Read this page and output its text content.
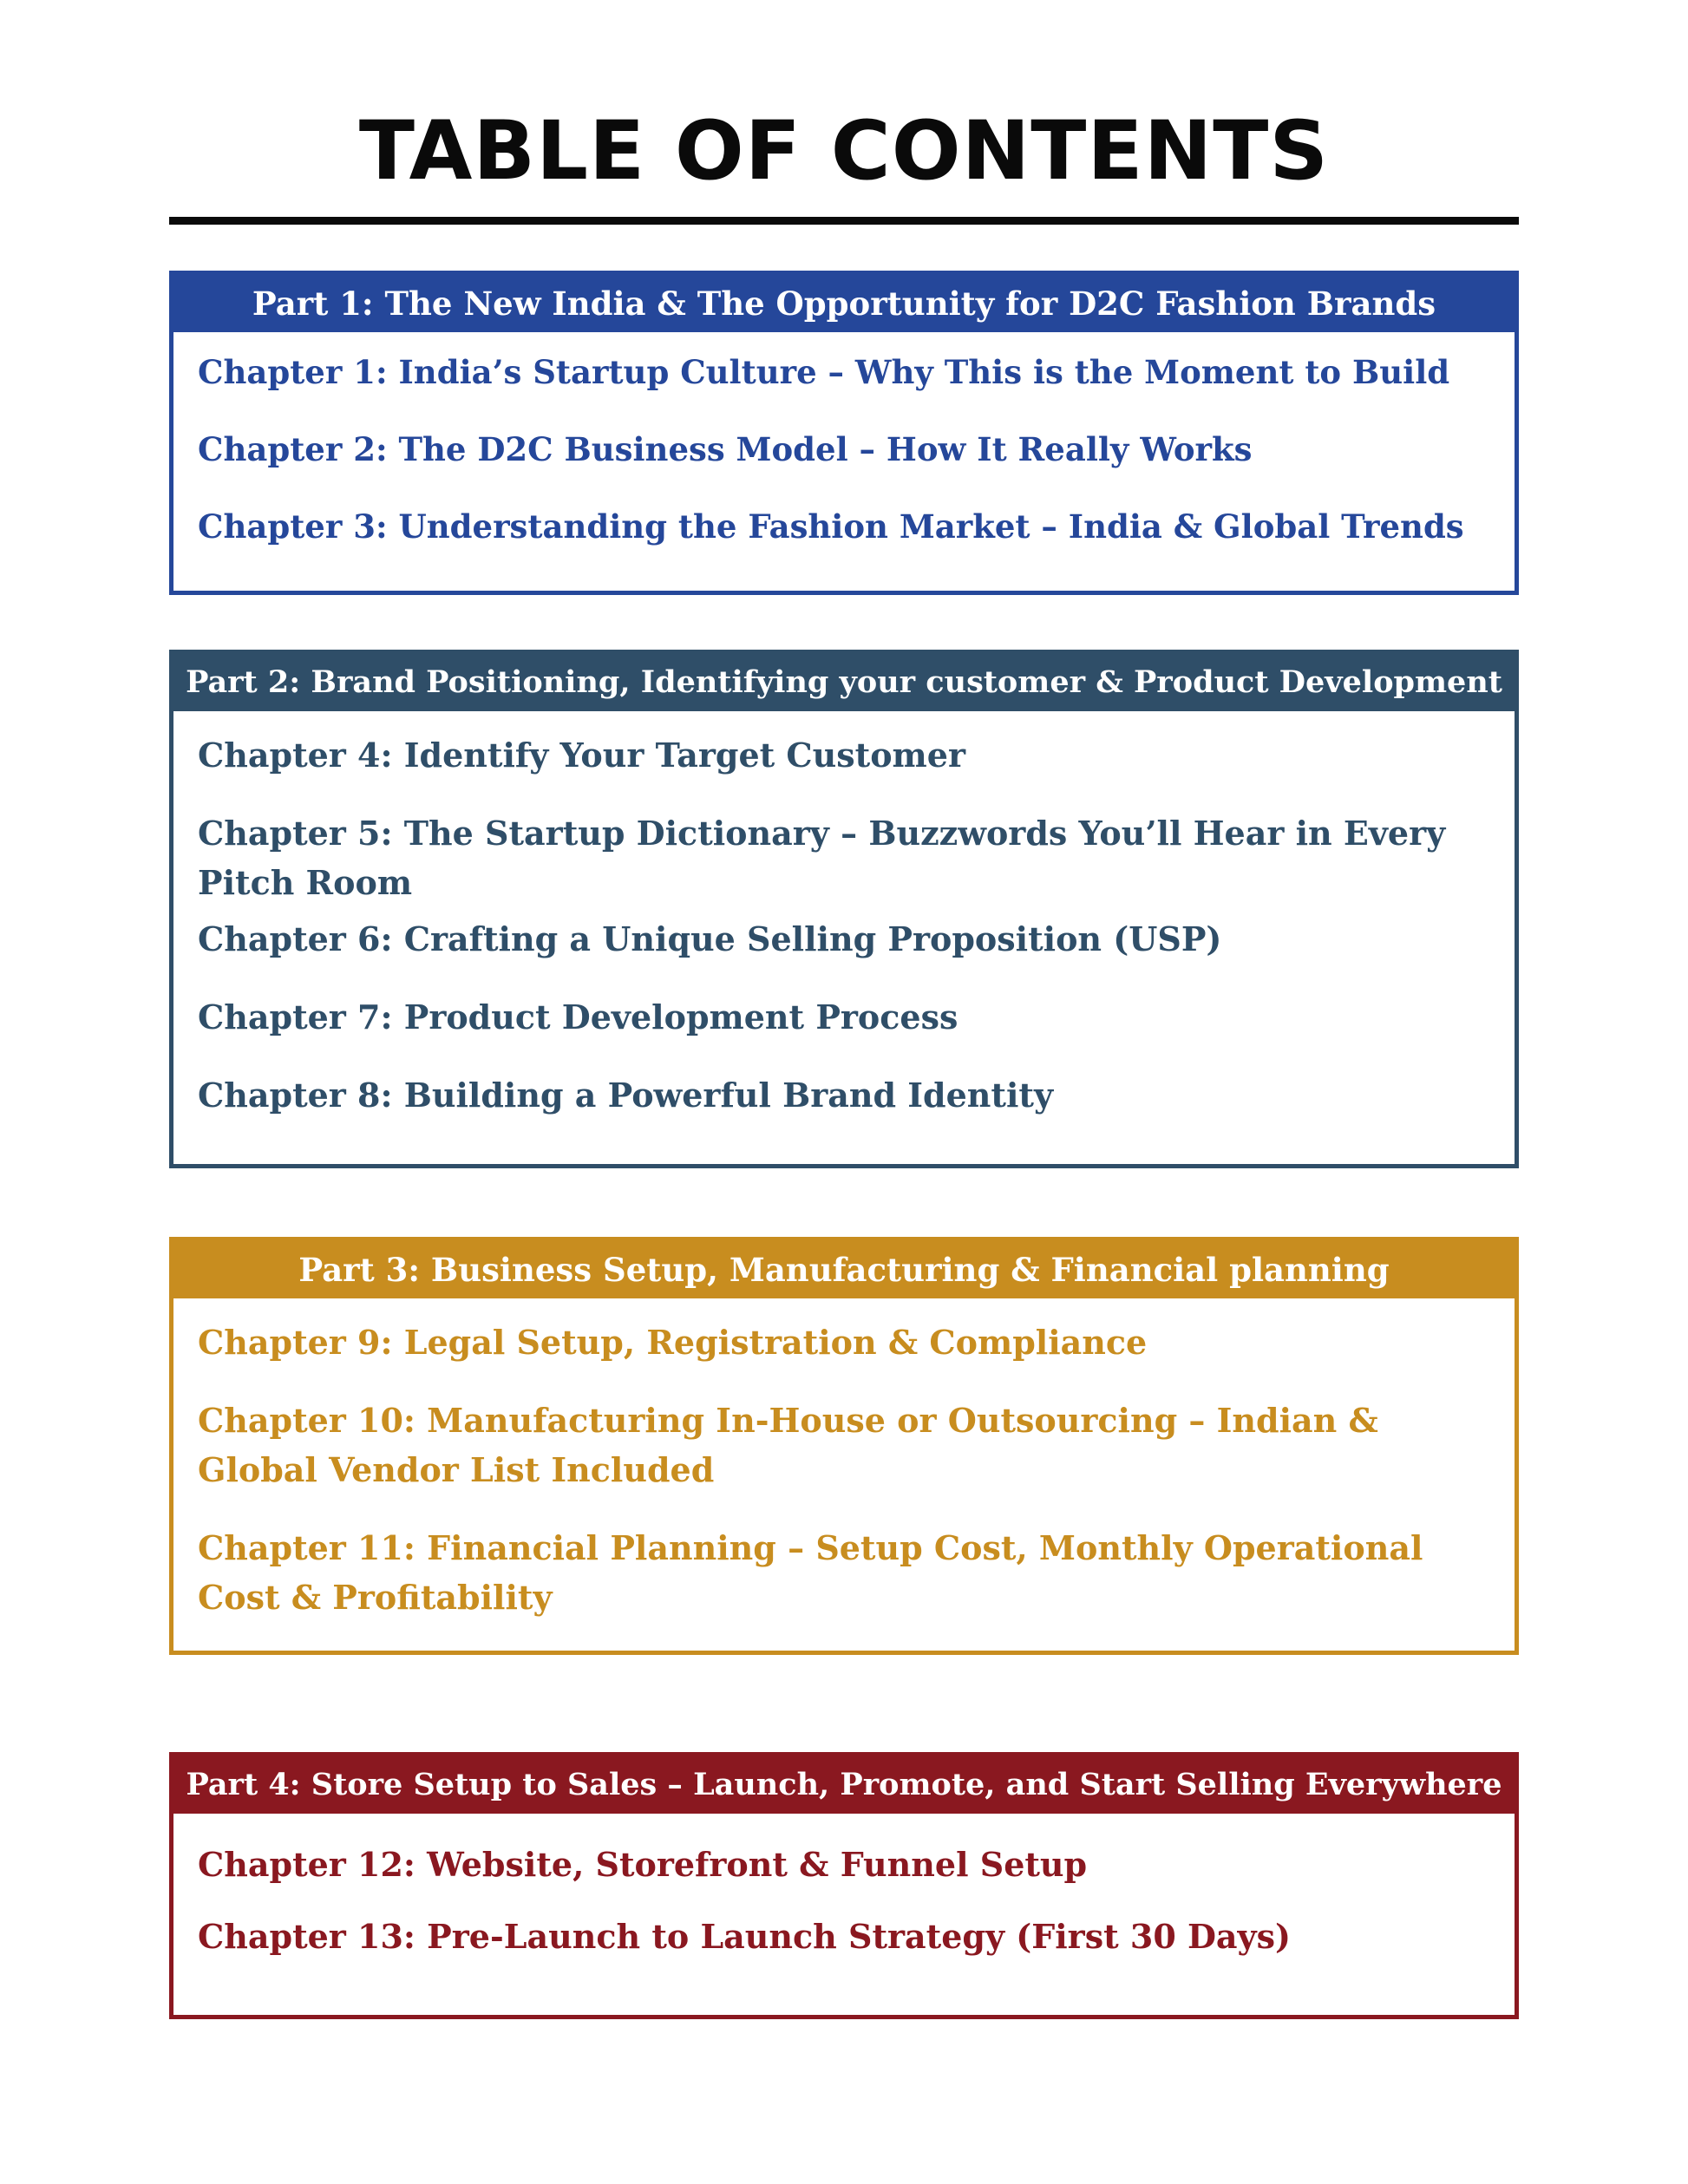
TABLE OF CONTENTS
Part 1: The New India & The Opportunity for D2C Fashion Brands
Chapter 1: India’s Startup Culture – Why This is the Moment to Build
Chapter 2: The D2C Business Model – How It Really Works
Chapter 3: Understanding the Fashion Market – India & Global Trends
Part 2: Brand Positioning, Identifying your customer & Product Development
Chapter 4: Identify Your Target Customer
Chapter 5: The Startup Dictionary – Buzzwords You’ll Hear in Every Pitch Room
Chapter 6: Crafting a Unique Selling Proposition (USP)
Chapter 7: Product Development Process
Chapter 8: Building a Powerful Brand Identity
Part 3: Business Setup, Manufacturing & Financial planning
Chapter 9: Legal Setup, Registration & Compliance
Chapter 10: Manufacturing In-House or Outsourcing – Indian & Global Vendor List Included
Chapter 11: Financial Planning – Setup Cost, Monthly Operational Cost & Profitability
Part 4: Store Setup to Sales – Launch, Promote, and Start Selling Everywhere
Chapter 12: Website, Storefront & Funnel Setup
Chapter 13: Pre-Launch to Launch Strategy (First 30 Days)
